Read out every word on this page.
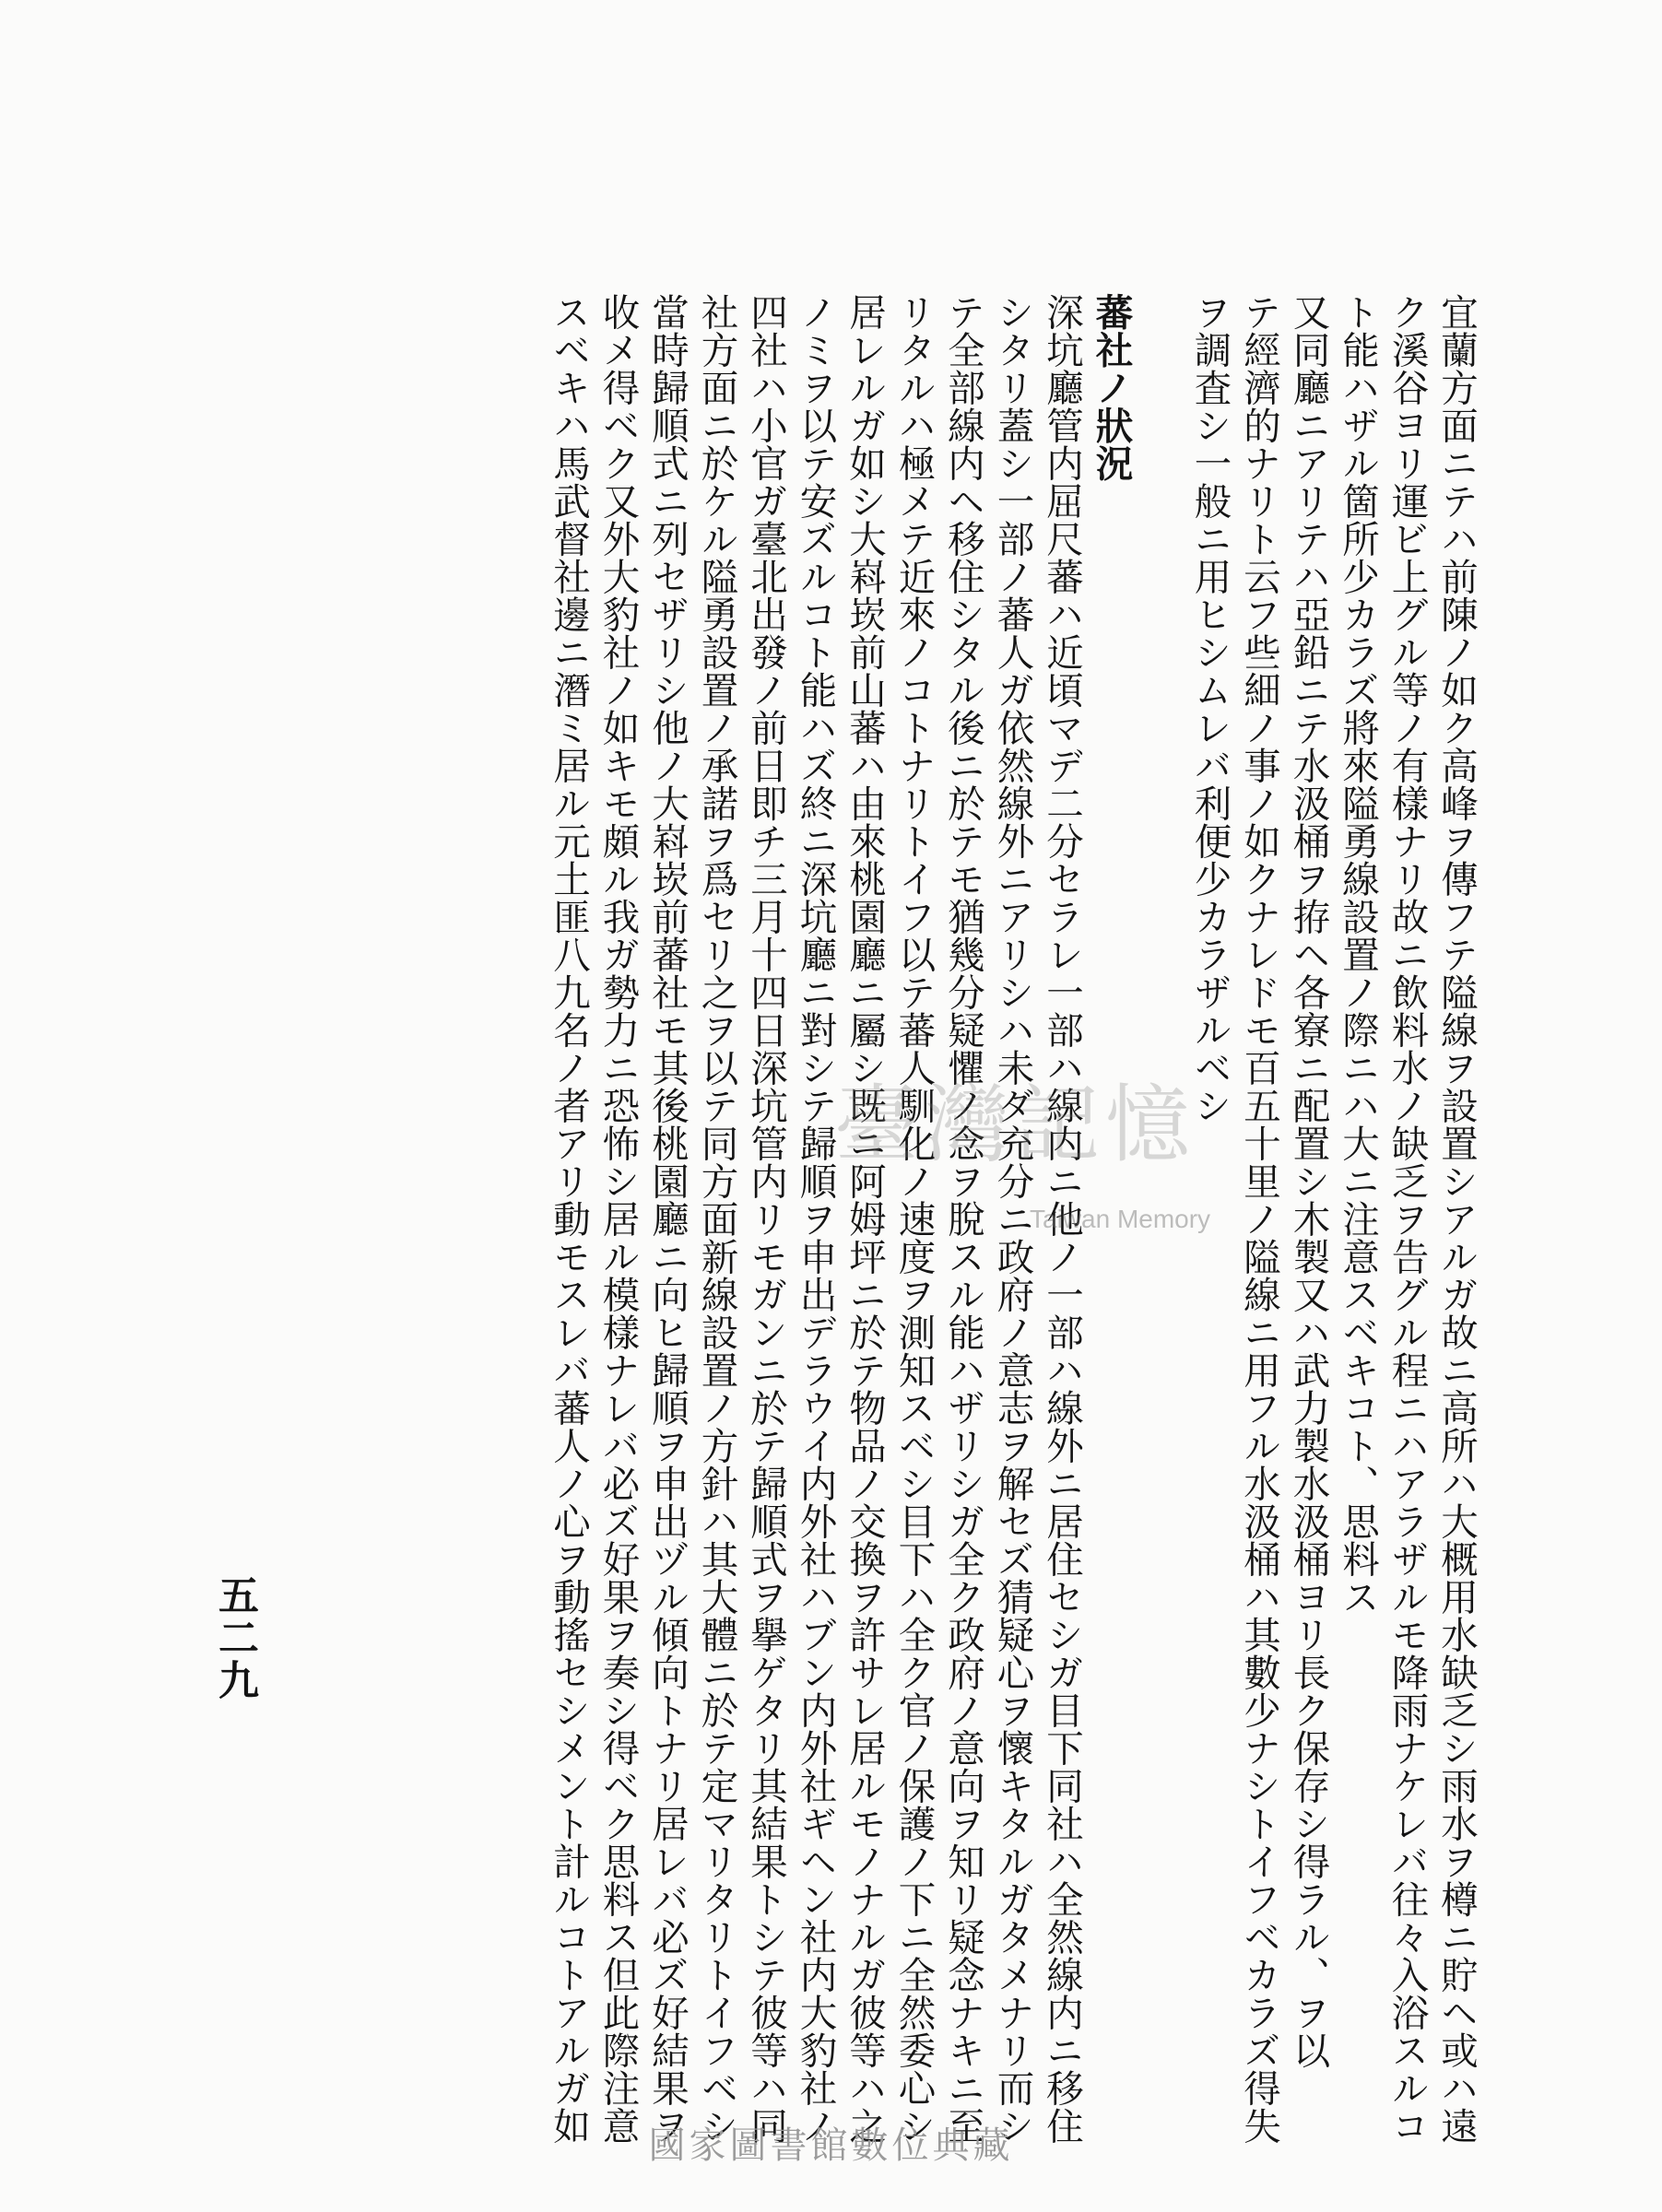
宜蘭方面ニテハ前陳ノ如ク高峰ヲ傳フテ隘線ヲ設置シアルガ故ニ高所ハ大概用水缺乏シ雨水ヲ樽ニ貯ヘ或ハ遠
ク溪谷ヨリ運ビ上グル等ノ有樣ナリ故ニ飲料水ノ缺乏ヲ告グル程ニハアラザルモ降雨ナケレバ往々入浴スルコ
ト能ハザル箇所少カラズ將來隘勇線設置ノ際ニハ大ニ注意スベキコト、思料ス
又同廳ニアリテハ亞鉛ニテ水汲桶ヲ拵ヘ各寮ニ配置シ木製又ハ武力製水汲桶ヨリ長ク保存シ得ラル、ヲ以
テ經濟的ナリト云フ些細ノ事ノ如クナレドモ百五十里ノ隘線ニ用フル水汲桶ハ其數少ナシトイフベカラズ得失
ヲ調査シ一般ニ用ヒシムレバ利便少カラザルベシ
蕃社ノ狀況
深坑廳管内屈尺蕃ハ近頃マデ二分セラレ一部ハ線内ニ他ノ一部ハ線外ニ居住セシガ目下同社ハ全然線内ニ移住
シタリ蓋シ一部ノ蕃人ガ依然線外ニアリシハ未ダ充分ニ政府ノ意志ヲ解セズ猜疑心ヲ懷キタルガタメナリ而シ
テ全部線内ヘ移住シタル後ニ於テモ猶幾分疑懼ノ念ヲ脫スル能ハザリシガ全ク政府ノ意向ヲ知リ疑念ナキニ至
リタルハ極メテ近來ノコトナリトイフ以テ蕃人馴化ノ速度ヲ測知スベシ目下ハ全ク官ノ保護ノ下ニ全然委心シ
居レルガ如シ大嵙崁前山蕃ハ由來桃園廳ニ屬シ既ニ阿姆坪ニ於テ物品ノ交換ヲ許サレ居ルモノナルガ彼等ハ之
ノミヲ以テ安ズルコト能ハズ終ニ深坑廳ニ對シテ歸順ヲ申出デラウイ内外社ハブン内外社ギヘン社内大豹社ノ
四社ハ小官ガ臺北出發ノ前日即チ三月十四日深坑管内リモガンニ於テ歸順式ヲ擧ゲタリ其結果トシテ彼等ハ同
社方面ニ於ケル隘勇設置ノ承諾ヲ爲セリ之ヲ以テ同方面新線設置ノ方針ハ其大體ニ於テ定マリタリトイフベシ
當時歸順式ニ列セザリシ他ノ大嵙崁前蕃社モ其後桃園廳ニ向ヒ歸順ヲ申出ヅル傾向トナリ居レバ必ズ好結果ヲ
收メ得ベク又外大豹社ノ如キモ頗ル我ガ勢力ニ恐怖シ居ル模樣ナレバ必ズ好果ヲ奏シ得ベク思料ス但此際注意
スベキハ馬武督社邊ニ潛ミ居ル元土匪八九名ノ者アリ動モスレバ蕃人ノ心ヲ動搖セシメント計ルコトアルガ如
五二九
臺灣記憶
Taiwan Memory
國家圖書館數位典藏
